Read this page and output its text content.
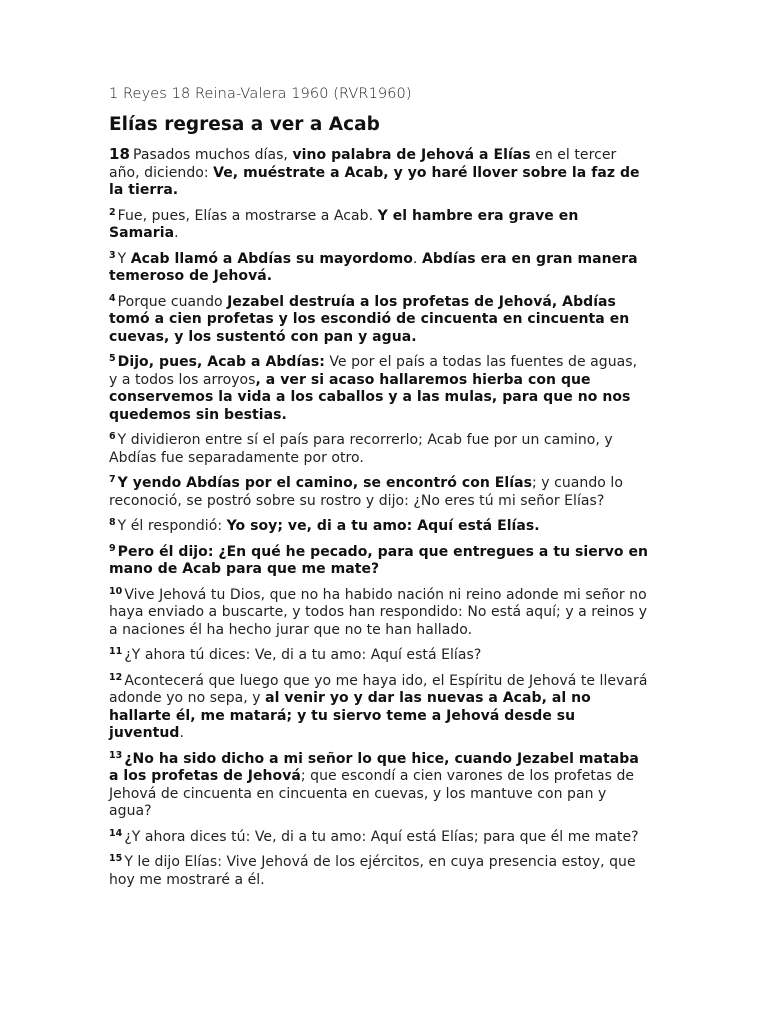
1 Reyes 18 Reina-Valera 1960 (RVR1960)

Elías regresa a ver a Acab

18 Pasados muchos días, vino palabra de Jehová a Elías en el tercer año, diciendo: Ve, muéstrate a Acab, y yo haré llover sobre la faz de la tierra.

$^2$ Fue, pues, Elías a mostrarse a Acab. Y el hambre era grave en Samaria.

$^3$ Y Acab llamó a Abdías su mayordomo. Abdías era en gran manera temeroso de Jehová.

$^4$ Porque cuando Jezabel destruía a los profetas de Jehová, Abdías tomó a cien profetas y los escondió de cincuenta en cincuenta en cuevas, y los sustentó con pan y agua.

$^5$ Dijo, pues, Acab a Abdías: Ve por el país a todas las fuentes de aguas, y a todos los arroyos, a ver si acaso hallaremos hierba con que conservemos la vida a los caballos y a las mulas, para que no nos quedemos sin bestias.

$^6$ Y dividieron entre sí el país para recorrerlo; Acab fue por un camino, y Abdías fue separadamente por otro.

$^7$ Y yendo Abdías por el camino, se encontró con Elías; y cuando lo reconoció, se postró sobre su rostro y dijo: ¿No eres tú mi señor Elías?

$^8$ Y él respondió: Yo soy; ve, di a tu amo: Aquí está Elías.

$^9$ Pero él dijo: ¿En qué he pecado, para que entregues a tu siervo en mano de Acab para que me mate?

$^{10}$ Vive Jehová tu Dios, que no ha habido nación ni reino adonde mi señor no haya enviado a buscarte, y todos han respondido: No está aquí; y a reinos y a naciones él ha hecho jurar que no te han hallado.

$^{11}$ ¿Y ahora tú dices: Ve, di a tu amo: Aquí está Elías?

$^{12}$ Acontecerá que luego que yo me haya ido, el Espíritu de Jehová te llevará adonde yo no sepa, y al venir yo y dar las nuevas a Acab, al no hallarte él, me matará; y tu siervo teme a Jehová desde su juventud.

$^{13}$ ¿No ha sido dicho a mi señor lo que hice, cuando Jezabel mataba a los profetas de Jehová; que escondí a cien varones de los profetas de Jehová de cincuenta en cincuenta en cuevas, y los mantuve con pan y agua?

$^{14}$ ¿Y ahora dices tú: Ve, di a tu amo: Aquí está Elías; para que él me mate?

$^{15}$ Y le dijo Elías: Vive Jehová de los ejércitos, en cuya presencia estoy, que hoy me mostraré a él.
